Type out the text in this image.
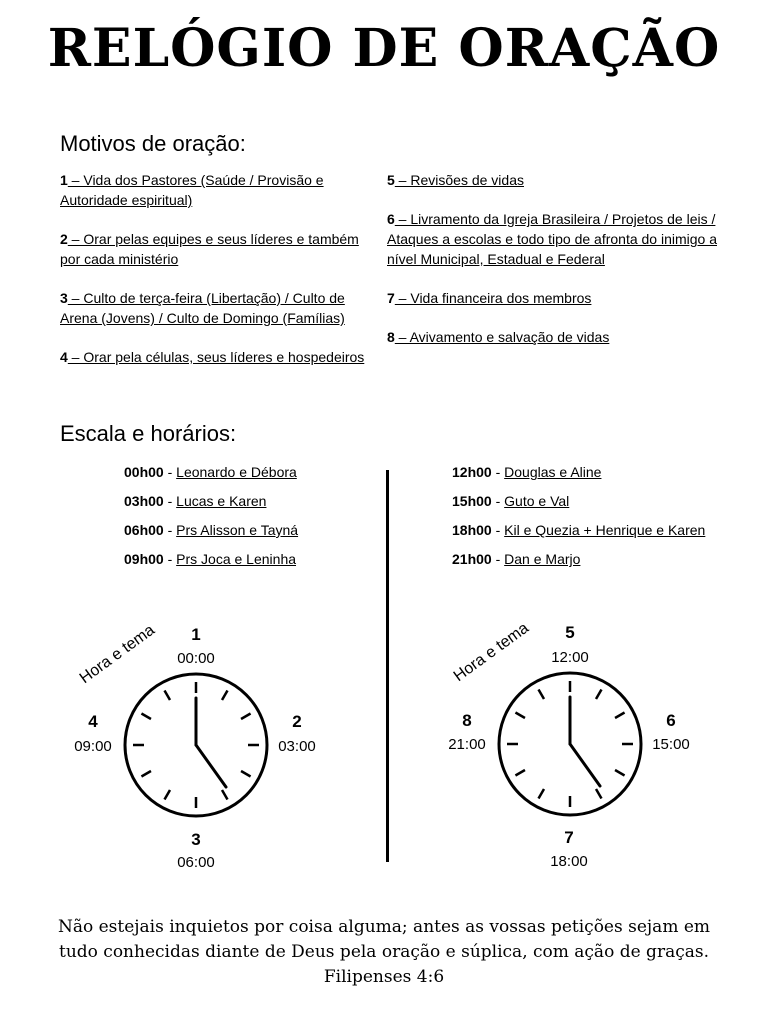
RELÓGIO DE ORAÇÃO
Motivos de oração:

1 – Vida dos Pastores (Saúde / Provisão e Autoridade espiritual)

2 – Orar pelas equipes e seus líderes e também por cada ministério

3 – Culto de terça-feira (Libertação) / Culto de Arena (Jovens) / Culto de Domingo (Famílias)

4 – Orar pela células, seus líderes e hospedeiros

5 – Revisões de vidas

6 – Livramento da Igreja Brasileira / Projetos de leis / Ataques a escolas e todo tipo de afronta do inimigo a nível Municipal, Estadual e Federal

7 – Vida financeira dos membros

8 – Avivamento e salvação de vidas

Escala e horários:
00h00 - Leonardo e Débora
03h00 - Lucas e Karen
06h00 - Prs Alisson e Tayná
09h00 - Prs Joca e Leninha
12h00 - Douglas e Aline
15h00 - Guto e Val
18h00 - Kil e Quezia + Henrique e Karen
21h00 - Dan e Marjo
Hora e tema 1
00:00
2
03:00
3
06:00
4
09:00
Hora e tema 5
12:00
6
15:00
7
18:00
8
21:00

Não estejais inquietos por coisa alguma; antes as vossas petições sejam em

tudo conhecidas diante de Deus pela oração e súplica, com ação de graças.

Filipenses 4:6
